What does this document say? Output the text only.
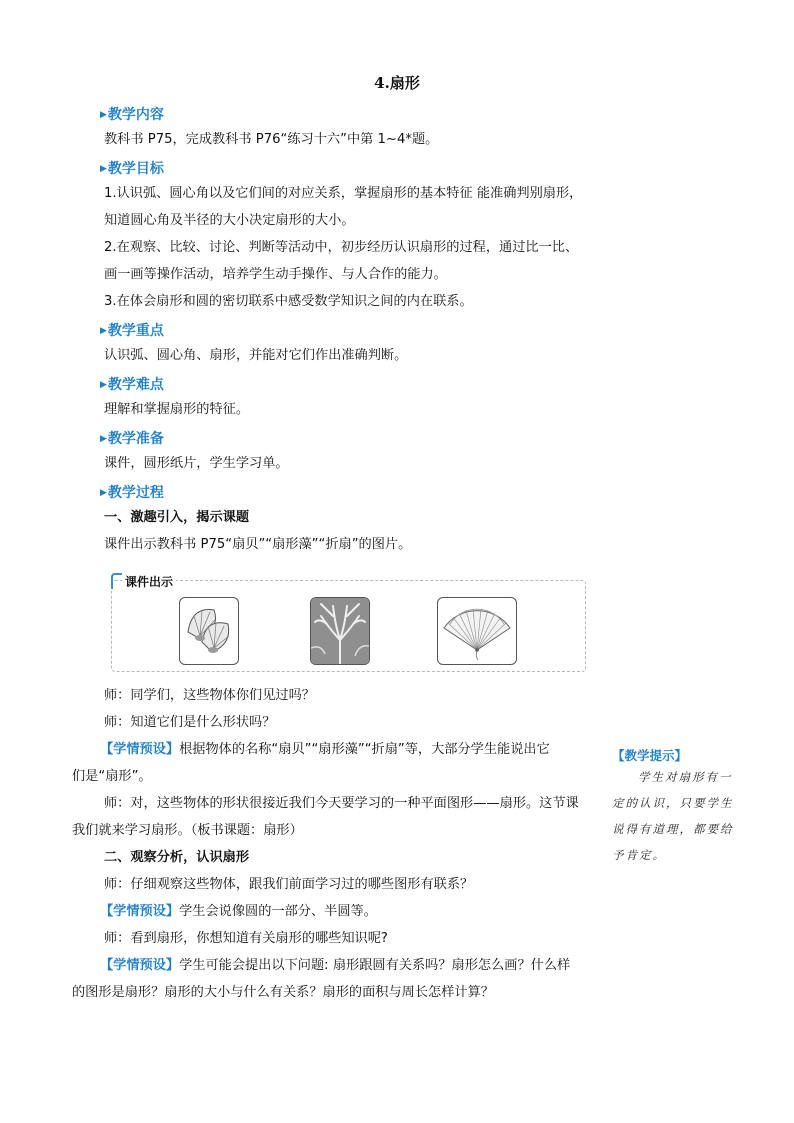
4.扇形
▶教学内容
教科书 P75，完成教科书 P76“练习十六”中第 1~4*题。
▶教学目标
1.认识弧、圆心角以及它们间的对应关系，掌握扇形的基本特征 能准确判别扇形，
知道圆心角及半径的大小决定扇形的大小。
2.在观察、比较、讨论、判断等活动中，初步经历认识扇形的过程，通过比一比、
画一画等操作活动，培养学生动手操作、与人合作的能力。
3.在体会扇形和圆的密切联系中感受数学知识之间的内在联系。
▶教学重点
认识弧、圆心角、扇形，并能对它们作出准确判断。
▶教学难点
理解和掌握扇形的特征。
▶教学准备
课件，圆形纸片，学生学习单。
▶教学过程
一、激趣引入，揭示课题
课件出示教科书 P75“扇贝”“扇形藻”“折扇”的图片。
课件出示
师：同学们，这些物体你们见过吗？
师：知道它们是什么形状吗？
【学情预设】根据物体的名称“扇贝”“扇形藻”“折扇”等，大部分学生能说出它
们是“扇形”。
师：对，这些物体的形状很接近我们今天要学习的一种平面图形——扇形。这节课
我们就来学习扇形。（板书课题：扇形）
二、观察分析，认识扇形
师：仔细观察这些物体，跟我们前面学习过的哪些图形有联系？
【学情预设】学生会说像圆的一部分、半圆等。
师：看到扇形，你想知道有关扇形的哪些知识呢?
【学情预设】学生可能会提出以下问题: 扇形跟圆有关系吗？扇形怎么画？什么样
的图形是扇形？扇形的大小与什么有关系？扇形的面积与周长怎样计算？
【教学提示】
学生对扇形有一
定的认识，只要学生
说得有道理，都要给
予肯定。
